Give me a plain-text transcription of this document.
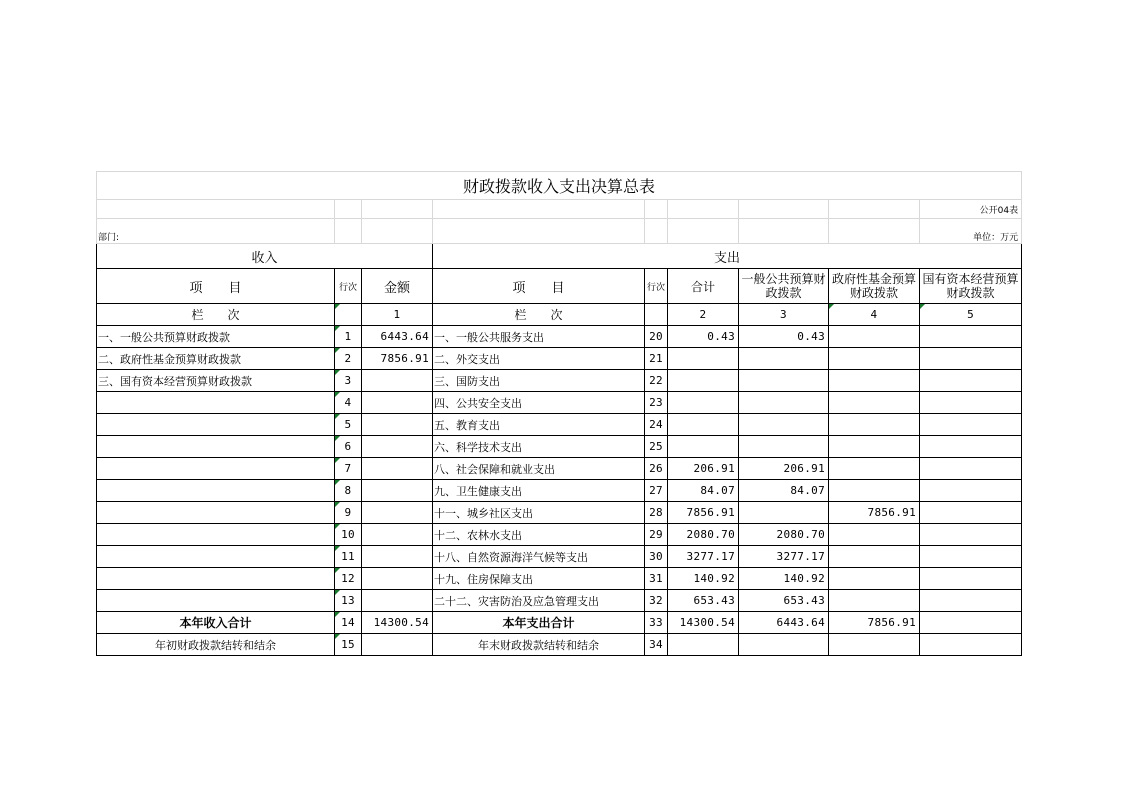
财政拨款收入支出决算总表								
								公开04表
部门:								单位：万元
收入			支出					
项　　目	行次	金额	项　　目	行次	合计	一般公共预算财政拨款	政府性基金预算财政拨款	国有资本经营预算财政拨款
栏　　次		1	栏　　次		2	3	4	5
一、一般公共预算财政拨款	1	6443.64	一、一般公共服务支出	20	0.43	0.43		
二、政府性基金预算财政拨款	2	7856.91	二、外交支出	21				
三、国有资本经营预算财政拨款	3		三、国防支出	22				
	4		四、公共安全支出	23				
	5		五、教育支出	24				
	6		六、科学技术支出	25				
	7		八、社会保障和就业支出	26	206.91	206.91		
	8		九、卫生健康支出	27	84.07	84.07		
	9		十一、城乡社区支出	28	7856.91		7856.91	
	10		十二、农林水支出	29	2080.70	2080.70		
	11		十八、自然资源海洋气候等支出	30	3277.17	3277.17		
	12		十九、住房保障支出	31	140.92	140.92		
	13		二十二、灾害防治及应急管理支出	32	653.43	653.43		
本年收入合计	14	14300.54	本年支出合计	33	14300.54	6443.64	7856.91	
年初财政拨款结转和结余	15		年末财政拨款结转和结余	34				
